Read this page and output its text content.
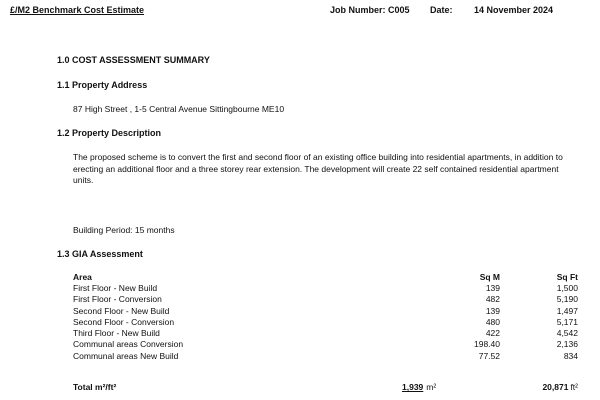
£/M2 Benchmark Cost Estimate	Job Number: C005 Date: 14 November 2024
1.0 COST ASSESSMENT SUMMARY
1.1 Property Address
87 High Street , 1-5 Central Avenue Sittingbourne ME10
1.2 Property Description
The proposed scheme is to convert the first and second floor of an existing office building into residential apartments, in addition to erecting an additional floor and a three storey rear extension. The development will create 22 self contained residential apartment units.
Building Period: 15 months
1.3 GIA Assessment
Area	Sq M	Sq Ft
First Floor - New Build	139	1,500
First Floor - Conversion	482	5,190
Second Floor - New Build	139	1,497
Second Floor - Conversion	480	5,171
Third Floor - New Build	422	4,542
Communal areas Conversion	198.40	2,136
Communal areas New Build	77.52	834
Total m²/ft²	1,939 m²	20,871 ft²
